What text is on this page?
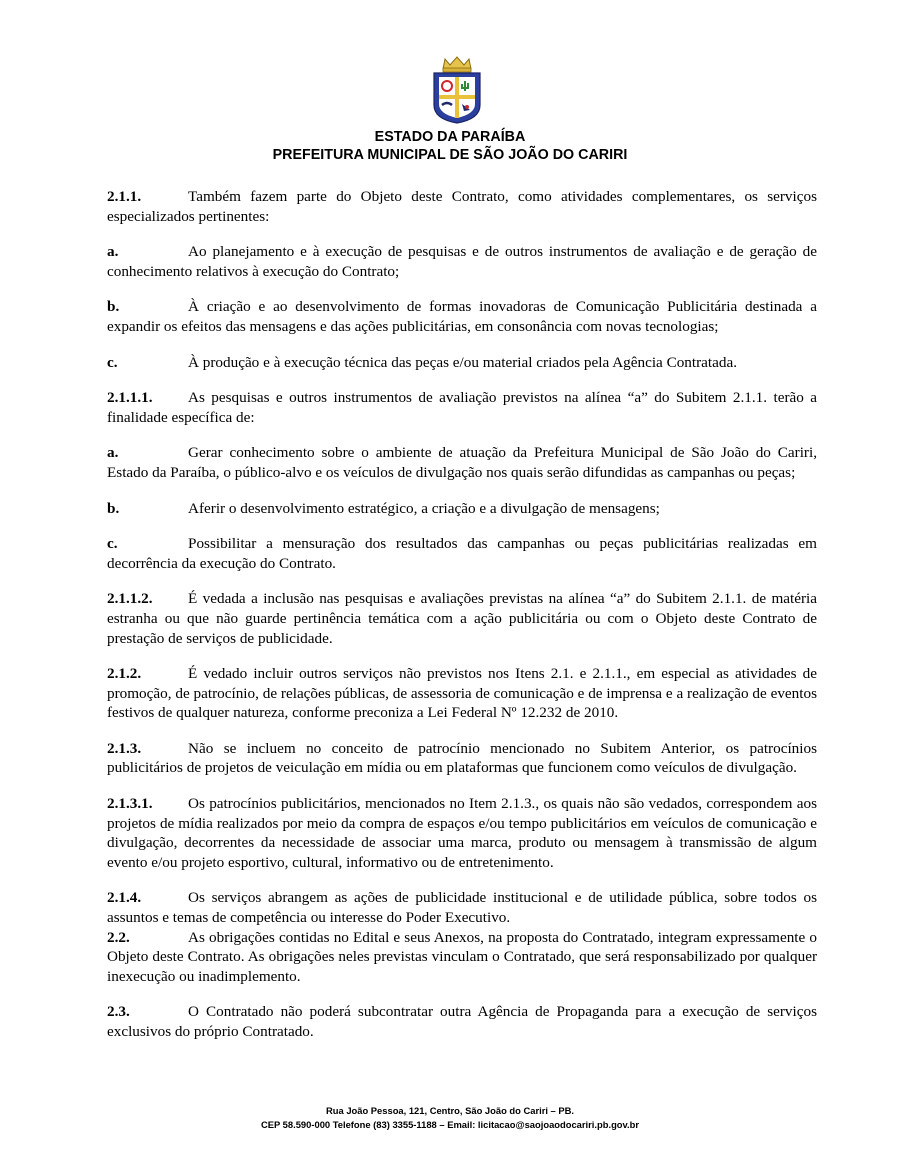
ESTADO DA PARAÍBA
PREFEITURA MUNICIPAL DE SÃO JOÃO DO CARIRI

2.1.1.	Também fazem parte do Objeto deste Contrato, como atividades complementares, os serviços especializados pertinentes:

a.	Ao planejamento e à execução de pesquisas e de outros instrumentos de avaliação e de geração de conhecimento relativos à execução do Contrato;

b.	À criação e ao desenvolvimento de formas inovadoras de Comunicação Publicitária destinada a expandir os efeitos das mensagens e das ações publicitárias, em consonância com novas tecnologias;

c.	À produção e à execução técnica das peças e/ou material criados pela Agência Contratada.

2.1.1.1. As pesquisas e outros instrumentos de avaliação previstos na alínea “a” do Subitem 2.1.1. terão a finalidade específica de:

a.	Gerar conhecimento sobre o ambiente de atuação da Prefeitura Municipal de São João do Cariri, Estado da Paraíba, o público-alvo e os veículos de divulgação nos quais serão difundidas as campanhas ou peças;

b.	Aferir o desenvolvimento estratégico, a criação e a divulgação de mensagens;

c.	Possibilitar a mensuração dos resultados das campanhas ou peças publicitárias realizadas em decorrência da execução do Contrato.

2.1.1.2. É vedada a inclusão nas pesquisas e avaliações previstas na alínea “a” do Subitem 2.1.1. de matéria estranha ou que não guarde pertinência temática com a ação publicitária ou com o Objeto deste Contrato de prestação de serviços de publicidade.

2.1.2.	É vedado incluir outros serviços não previstos nos Itens 2.1. e 2.1.1., em especial as atividades de promoção, de patrocínio, de relações públicas, de assessoria de comunicação e de imprensa e a realização de eventos festivos de qualquer natureza, conforme preconiza a Lei Federal Nº 12.232 de 2010.

2.1.3.	Não se incluem no conceito de patrocínio mencionado no Subitem Anterior, os patrocínios publicitários de projetos de veiculação em mídia ou em plataformas que funcionem como veículos de divulgação.

2.1.3.1. Os patrocínios publicitários, mencionados no Item 2.1.3., os quais não são vedados, correspondem aos projetos de mídia realizados por meio da compra de espaços e/ou tempo publicitários em veículos de comunicação e divulgação, decorrentes da necessidade de associar uma marca, produto ou mensagem à transmissão de algum evento e/ou projeto esportivo, cultural, informativo ou de entretenimento.

2.1.4.	Os serviços abrangem as ações de publicidade institucional e de utilidade pública, sobre todos os assuntos e temas de competência ou interesse do Poder Executivo.

2.2.	As obrigações contidas no Edital e seus Anexos, na proposta do Contratado, integram expressamente o Objeto deste Contrato. As obrigações neles previstas vinculam o Contratado, que será responsabilizado por qualquer inexecução ou inadimplemento.

2.3.	O Contratado não poderá subcontratar outra Agência de Propaganda para a execução de serviços exclusivos do próprio Contratado.

Rua João Pessoa, 121, Centro, São João do Cariri – PB.
CEP 58.590-000 Telefone (83) 3355-1188 – Email: licitacao@saojoaodocariri.pb.gov.br
